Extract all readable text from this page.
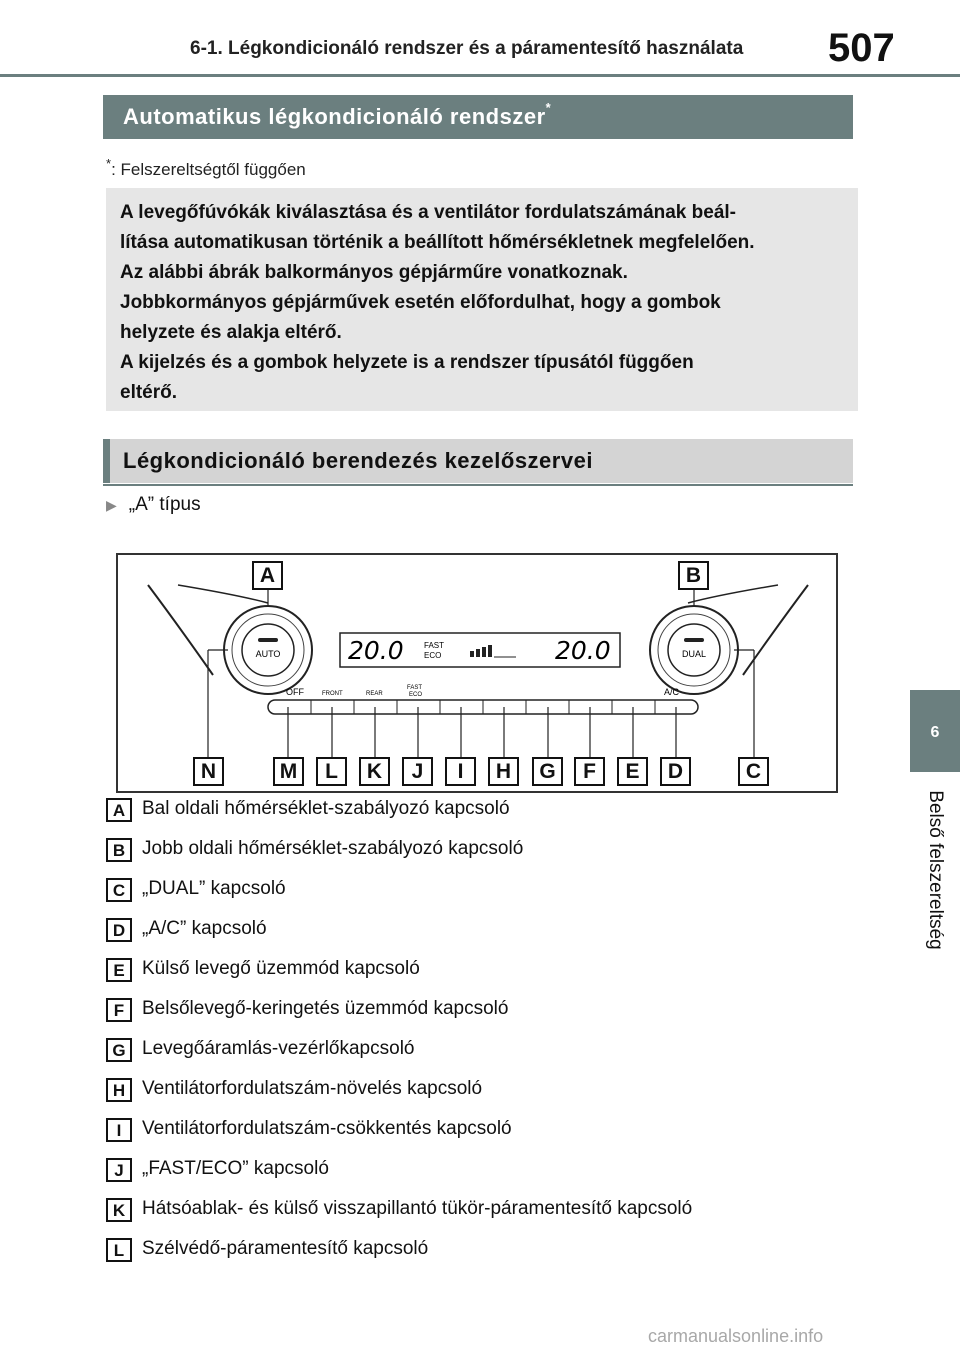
6-1. Légkondicionáló rendszer és a páramentesítő használata 507
Automatikus légkondicionáló rendszer*
*: Felszereltségtől függően
A levegőfúvókák kiválasztása és a ventilátor fordulatszámának beál-
lítása automatikusan történik a beállított hőmérsékletnek megfelelően.
Az alábbi ábrák balkormányos gépjárműre vonatkoznak.
Jobbkormányos gépjárművek esetén előfordulhat, hogy a gombok
helyzete és alakja eltérő.
A kijelzés és a gombok helyzete is a rendszer típusától függően
eltérő.
Légkondicionáló berendezés kezelőszervei
▶ „A” típus
AUTO	DUAL
20.0	20.0
FAST
ECO
OFF	FRONT	REAR
FAST
ECO	A/C
A	B
N	M	L	K	J	I	H	G	F	E	D	C
A Bal oldali hőmérséklet-szabályozó kapcsoló
B Jobb oldali hőmérséklet-szabályozó kapcsoló
C „DUAL” kapcsoló
D „A/C” kapcsoló
E Külső levegő üzemmód kapcsoló
F Belsőlevegő-keringetés üzemmód kapcsoló
G Levegőáramlás-vezérlőkapcsoló
H Ventilátorfordulatszám-növelés kapcsoló
I	Ventilátorfordulatszám-csökkentés kapcsoló
J „FAST/ECO” kapcsoló
K Hátsóablak- és külső visszapillantó tükör-páramentesítő kapcsoló
L Szélvédő-páramentesítő kapcsoló
6
Belső felszereltség
carmanualsonline.info
